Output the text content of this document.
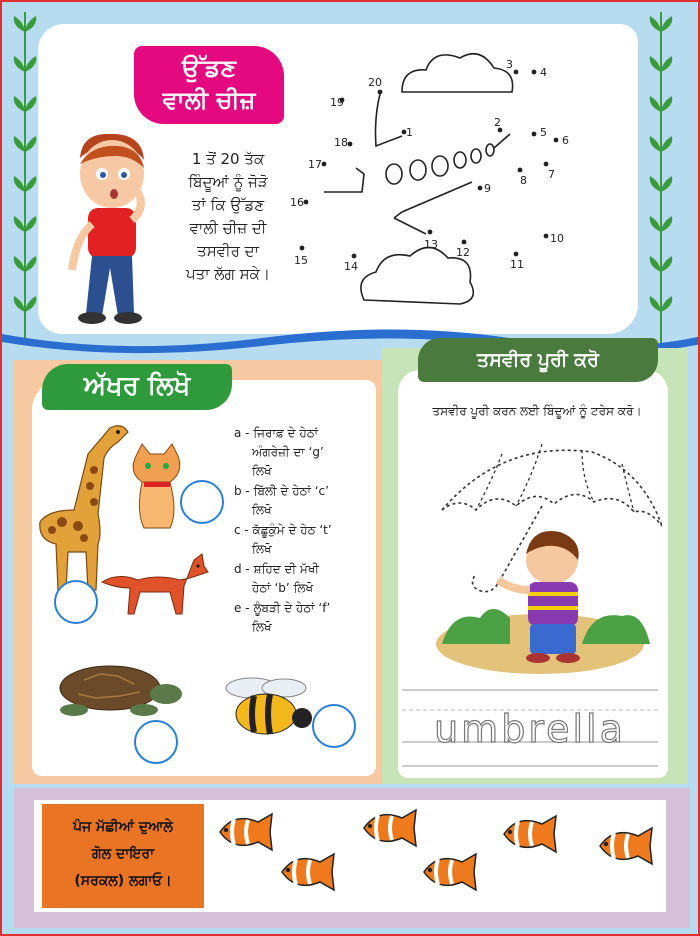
ਉੱਡਣ
ਵਾਲੀ ਚੀਜ਼
1 ਤੋਂ 20 ਤੱਕ
ਬਿੰਦੂਆਂ ਨੂੰ ਜੋੜੋ
ਤਾਂ ਕਿ ਉੱਡਣ
ਵਾਲੀ ਚੀਜ਼ ਦੀ
ਤਸਵੀਰ ਦਾ
ਪਤਾ ਲੱਗ ਸਕੇ।
20
1
2
3
4
5
6
7
8
9
10
11
12
13
14
15
16
17
18
19
ਅੱਖਰ ਲਿਖੋ
a - ਜਿਰਾਫ਼ ਦੇ ਹੇਠਾਂ
ਅੰਗਰੇਜ਼ੀ ਦਾ ‘g’
ਲਿਖੋ
b - ਬਿੱਲੀ ਦੇ ਹੇਠਾਂ ‘c’
ਲਿਖੋ
c - ਕੱਛੂਕੁੰਮੇ ਦੇ ਹੇਠ ‘t’
ਲਿਖੋ
d - ਸ਼ਹਿਦ ਦੀ ਮੱਖੀ
ਹੇਠਾਂ ‘b’ ਲਿਖੋ
e - ਲੂੰਬੜੀ ਦੇ ਹੇਠਾਂ ‘f’
ਲਿਖੋ
ਤਸਵੀਰ ਪੂਰੀ ਕਰੋ
ਤਸਵੀਰ ਪੂਰੀ ਕਰਨ ਲਈ ਬਿੰਦੂਆਂ ਨੂੰ ਟਰੇਸ ਕਰੋ।
umbrella
ਪੰਜ ਮੱਛੀਆਂ ਦੁਆਲੇ
ਗੋਲ ਦਾਇਰਾ
(ਸਰਕਲ) ਲਗਾਓ।
